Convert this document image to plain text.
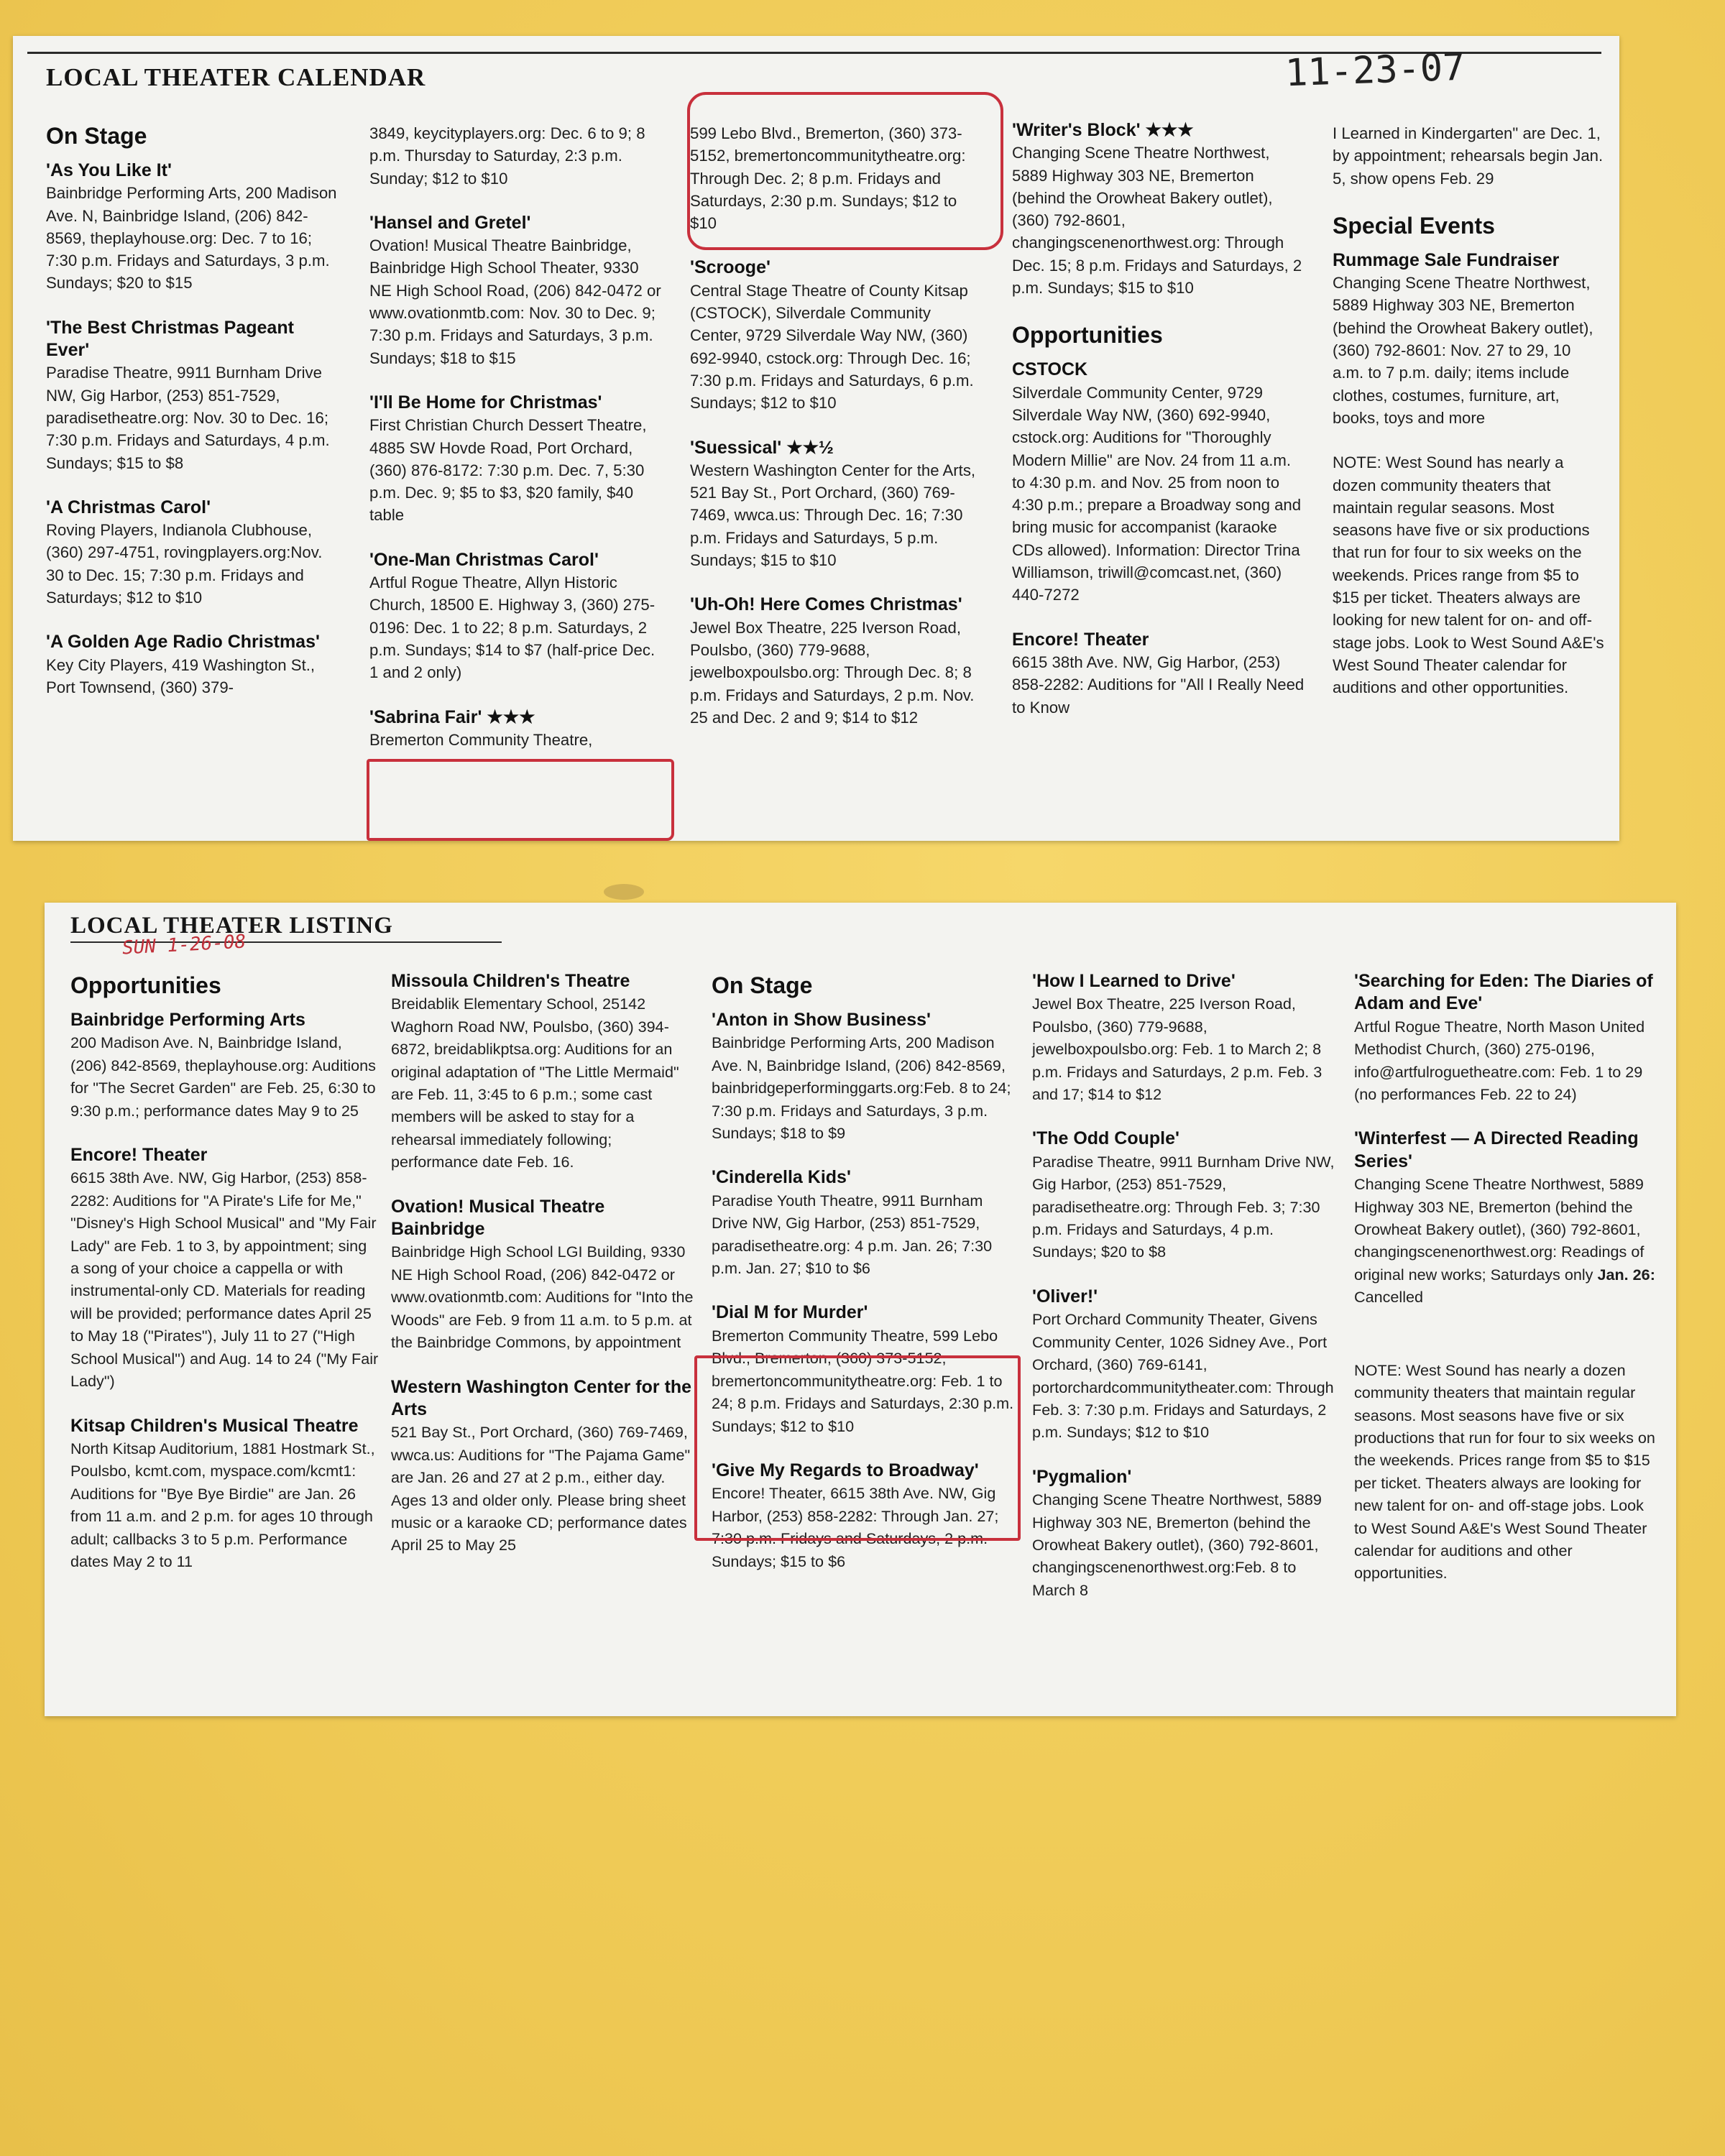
LOCAL THEATER CALENDAR	11-23-07
On Stage

'As You Like It'
Bainbridge Performing Arts, 200 Madison Ave. N, Bainbridge Island, (206) 842-8569, theplayhouse.org: Dec. 7 to 16; 7:30 p.m. Fridays and Saturdays, 3 p.m. Sundays; $20 to $15

'The Best Christmas Pageant Ever'
Paradise Theatre, 9911 Burnham Drive NW, Gig Harbor, (253) 851-7529, paradisetheatre.org: Nov. 30 to Dec. 16; 7:30 p.m. Fridays and Saturdays, 4 p.m. Sundays; $15 to $8

'A Christmas Carol'
Roving Players, Indianola Clubhouse, (360) 297-4751, rovingplayers.org:Nov. 30 to Dec. 15; 7:30 p.m. Fridays and Saturdays; $12 to $10

'A Golden Age Radio Christmas'
Key City Players, 419 Washington St., Port Townsend, (360) 379-

3849, keycityplayers.org: Dec. 6 to 9; 8 p.m. Thursday to Saturday, 2:3 p.m. Sunday; $12 to $10

'Hansel and Gretel'
Ovation! Musical Theatre Bainbridge, Bainbridge High School Theater, 9330 NE High School Road, (206) 842-0472 or www.ovationmtb.com: Nov. 30 to Dec. 9; 7:30 p.m. Fridays and Saturdays, 3 p.m. Sundays; $18 to $15

'I'll Be Home for Christmas'
First Christian Church Dessert Theatre, 4885 SW Hovde Road, Port Orchard, (360) 876-8172: 7:30 p.m. Dec. 7, 5:30 p.m. Dec. 9; $5 to $3, $20 family, $40 table

'One-Man Christmas Carol'
Artful Rogue Theatre, Allyn Historic Church, 18500 E. Highway 3, (360) 275-0196: Dec. 1 to 22; 8 p.m. Saturdays, 2 p.m. Sundays; $14 to $7 (half-price Dec. 1 and 2 only)

'Sabrina Fair' ★★★
Bremerton Community Theatre,

599 Lebo Blvd., Bremerton, (360) 373-5152, bremertoncommunitytheatre.org: Through Dec. 2; 8 p.m. Fridays and Saturdays, 2:30 p.m. Sundays; $12 to $10

'Scrooge'
Central Stage Theatre of County Kitsap (CSTOCK), Silverdale Community Center, 9729 Silverdale Way NW, (360) 692-9940, cstock.org: Through Dec. 16; 7:30 p.m. Fridays and Saturdays, 6 p.m. Sundays; $12 to $10

'Suessical' ★★½
Western Washington Center for the Arts, 521 Bay St., Port Orchard, (360) 769-7469, wwca.us: Through Dec. 16; 7:30 p.m. Fridays and Saturdays, 5 p.m. Sundays; $15 to $10

'Uh-Oh! Here Comes Christmas'
Jewel Box Theatre, 225 Iverson Road, Poulsbo, (360) 779-9688, jewelboxpoulsbo.org: Through Dec. 8; 8 p.m. Fridays and Saturdays, 2 p.m. Nov. 25 and Dec. 2 and 9; $14 to $12

'Writer's Block' ★★★
Changing Scene Theatre Northwest, 5889 Highway 303 NE, Bremerton (behind the Orowheat Bakery outlet), (360) 792-8601, changingscenenorthwest.org: Through Dec. 15; 8 p.m. Fridays and Saturdays, 2 p.m. Sundays; $15 to $10

Opportunities

CSTOCK
Silverdale Community Center, 9729 Silverdale Way NW, (360) 692-9940, cstock.org: Auditions for "Thoroughly Modern Millie" are Nov. 24 from 11 a.m. to 4:30 p.m. and Nov. 25 from noon to 4:30 p.m.; prepare a Broadway song and bring music for accompanist (karaoke CDs allowed). Information: Director Trina Williamson, triwill@comcast.net, (360) 440-7272

Encore! Theater
6615 38th Ave. NW, Gig Harbor, (253) 858-2282: Auditions for "All I Really Need to Know

I Learned in Kindergarten" are Dec. 1, by appointment; rehearsals begin Jan. 5, show opens Feb. 29

Special Events

Rummage Sale Fundraiser
Changing Scene Theatre Northwest, 5889 Highway 303 NE, Bremerton (behind the Orowheat Bakery outlet), (360) 792-8601: Nov. 27 to 29, 10 a.m. to 7 p.m. daily; items include clothes, costumes, furniture, art, books, toys and more

NOTE: West Sound has nearly a dozen community theaters that maintain regular seasons. Most seasons have five or six productions that run for four to six weeks on the weekends. Prices range from $5 to $15 per ticket. Theaters always are looking for new talent for on- and off-stage jobs. Look to West Sound A&E's West Sound Theater calendar for auditions and other opportunities.

LOCAL THEATER LISTING
SUN 1-26-08
Opportunities

Bainbridge Performing Arts
200 Madison Ave. N, Bainbridge Island, (206) 842-8569, theplayhouse.org: Auditions for "The Secret Garden" are Feb. 25, 6:30 to 9:30 p.m.; performance dates May 9 to 25

Encore! Theater
6615 38th Ave. NW, Gig Harbor, (253) 858-2282: Auditions for "A Pirate's Life for Me," "Disney's High School Musical" and "My Fair Lady" are Feb. 1 to 3, by appointment; sing a song of your choice a cappella or with instrumental-only CD. Materials for reading will be provided; performance dates April 25 to May 18 ("Pirates"), July 11 to 27 ("High School Musical") and Aug. 14 to 24 ("My Fair Lady")

Kitsap Children's Musical Theatre
North Kitsap Auditorium, 1881 Hostmark St., Poulsbo, kcmt.com, myspace.com/kcmt1: Auditions for "Bye Bye Birdie" are Jan. 26 from 11 a.m. and 2 p.m. for ages 10 through adult; callbacks 3 to 5 p.m. Performance dates May 2 to 11

Missoula Children's Theatre
Breidablik Elementary School, 25142 Waghorn Road NW, Poulsbo, (360) 394-6872, breidablikptsa.org: Auditions for an original adaptation of "The Little Mermaid" are Feb. 11, 3:45 to 6 p.m.; some cast members will be asked to stay for a rehearsal immediately following; performance date Feb. 16.

Ovation! Musical Theatre Bainbridge
Bainbridge High School LGI Building, 9330 NE High School Road, (206) 842-0472 or www.ovationmtb.com: Auditions for "Into the Woods" are Feb. 9 from 11 a.m. to 5 p.m. at the Bainbridge Commons, by appointment

Western Washington Center for the Arts
521 Bay St., Port Orchard, (360) 769-7469, wwca.us: Auditions for "The Pajama Game" are Jan. 26 and 27 at 2 p.m., either day. Ages 13 and older only. Please bring sheet music or a karaoke CD; performance dates April 25 to May 25

On Stage

'Anton in Show Business'
Bainbridge Performing Arts, 200 Madison Ave. N, Bainbridge Island, (206) 842-8569, bainbridgeperforminggarts.org:Feb. 8 to 24; 7:30 p.m. Fridays and Saturdays, 3 p.m. Sundays; $18 to $9

'Cinderella Kids'
Paradise Youth Theatre, 9911 Burnham Drive NW, Gig Harbor, (253) 851-7529, paradisetheatre.org: 4 p.m. Jan. 26; 7:30 p.m. Jan. 27; $10 to $6

'Dial M for Murder'
Bremerton Community Theatre, 599 Lebo Blvd., Bremerton, (360) 373-5152, bremertoncommunitytheatre.org: Feb. 1 to 24; 8 p.m. Fridays and Saturdays, 2:30 p.m. Sundays; $12 to $10

'Give My Regards to Broadway'
Encore! Theater, 6615 38th Ave. NW, Gig Harbor, (253) 858-2282: Through Jan. 27; 7:30 p.m. Fridays and Saturdays, 2 p.m. Sundays; $15 to $6

'How I Learned to Drive'
Jewel Box Theatre, 225 Iverson Road, Poulsbo, (360) 779-9688, jewelboxpoulsbo.org: Feb. 1 to March 2; 8 p.m. Fridays and Saturdays, 2 p.m. Feb. 3 and 17; $14 to $12

'The Odd Couple'
Paradise Theatre, 9911 Burnham Drive NW, Gig Harbor, (253) 851-7529, paradisetheatre.org: Through Feb. 3; 7:30 p.m. Fridays and Saturdays, 4 p.m. Sundays; $20 to $8

'Oliver!'
Port Orchard Community Theater, Givens Community Center, 1026 Sidney Ave., Port Orchard, (360) 769-6141, portorchardcommunitytheater.com: Through Feb. 3: 7:30 p.m. Fridays and Saturdays, 2 p.m. Sundays; $12 to $10

'Pygmalion'
Changing Scene Theatre Northwest, 5889 Highway 303 NE, Bremerton (behind the Orowheat Bakery outlet), (360) 792-8601, changingscenenorthwest.org:Feb. 8 to March 8

'Searching for Eden: The Diaries of Adam and Eve'
Artful Rogue Theatre, North Mason United Methodist Church, (360) 275-0196, info@artfulroguetheatre.com: Feb. 1 to 29 (no performances Feb. 22 to 24)

'Winterfest — A Directed Reading Series'
Changing Scene Theatre Northwest, 5889 Highway 303 NE, Bremerton (behind the Orowheat Bakery outlet), (360) 792-8601, changingscenenorthwest.org: Readings of original new works; Saturdays only Jan. 26: Cancelled

NOTE: West Sound has nearly a dozen community theaters that maintain regular seasons. Most seasons have five or six productions that run for four to six weeks on the weekends. Prices range from $5 to $15 per ticket. Theaters always are looking for new talent for on- and off-stage jobs. Look to West Sound A&E's West Sound Theater calendar for auditions and other opportunities.
